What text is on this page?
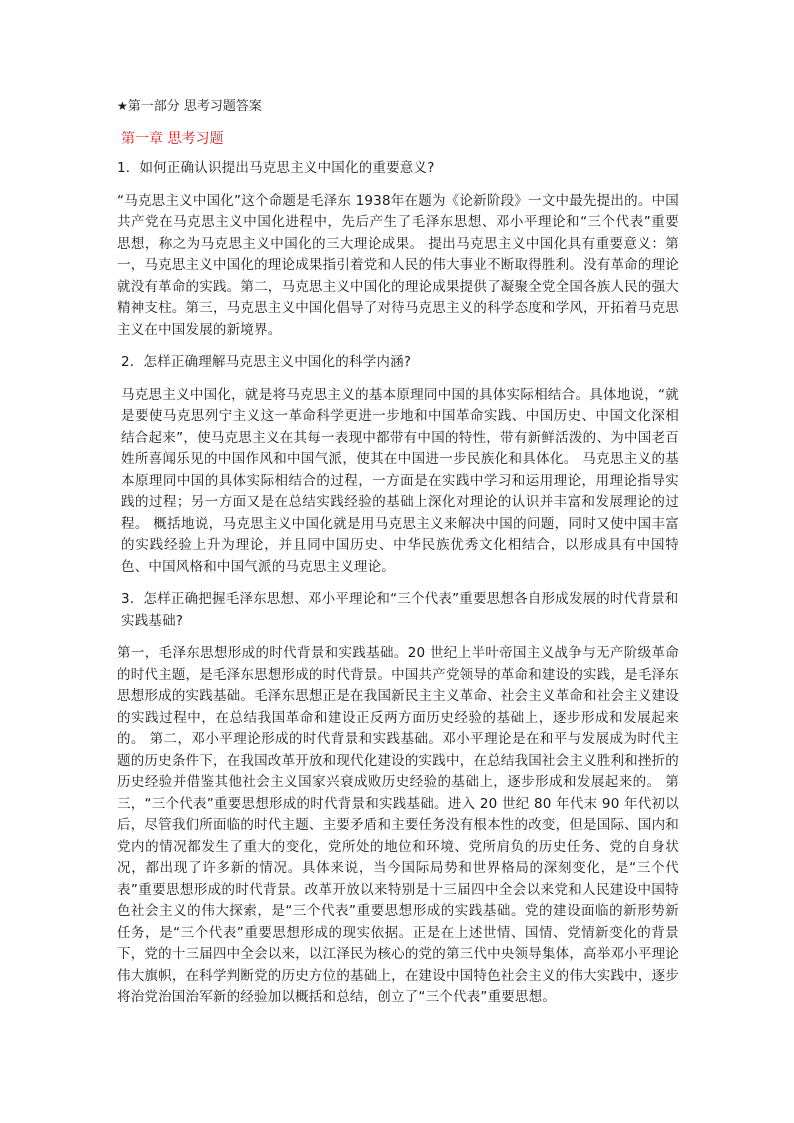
★第一部分 思考习题答案
第一章 思考习题
1．如何正确认识提出马克思主义中国化的重要意义?
“马克思主义中国化”这个命题是毛泽东 1938年在题为《论新阶段》一文中最先提出的。中国共产党在马克思主义中国化进程中，先后产生了毛泽东思想、邓小平理论和“三个代表”重要思想，称之为马克思主义中国化的三大理论成果。 提出马克思主义中国化具有重要意义：第一，马克思主义中国化的理论成果指引着党和人民的伟大事业不断取得胜利。没有革命的理论就没有革命的实践。第二，马克思主义中国化的理论成果提供了凝聚全党全国各族人民的强大精神支柱。第三，马克思主义中国化倡导了对待马克思主义的科学态度和学风，开拓着马克思主义在中国发展的新境界。
2．怎样正确理解马克思主义中国化的科学内涵?
马克思主义中国化，就是将马克思主义的基本原理同中国的具体实际相结合。具体地说，“就是要使马克思列宁主义这一革命科学更进一步地和中国革命实践、中国历史、中国文化深相结合起来”，使马克思主义在其每一表现中都带有中国的特性，带有新鲜活泼的、为中国老百姓所喜闻乐见的中国作风和中国气派，使其在中国进一步民族化和具体化。 马克思主义的基本原理同中国的具体实际相结合的过程，一方面是在实践中学习和运用理论，用理论指导实践的过程；另一方面又是在总结实践经验的基础上深化对理论的认识并丰富和发展理论的过程。 概括地说，马克思主义中国化就是用马克思主义来解决中国的问题，同时又使中国丰富的实践经验上升为理论，并且同中国历史、中华民族优秀文化相结合，以形成具有中国特色、中国风格和中国气派的马克思主义理论。
3．怎样正确把握毛泽东思想、邓小平理论和“三个代表”重要思想各自形成发展的时代背景和实践基础?
第一，毛泽东思想形成的时代背景和实践基础。20 世纪上半叶帝国主义战争与无产阶级革命的时代主题，是毛泽东思想形成的时代背景。中国共产党领导的革命和建设的实践，是毛泽东思想形成的实践基础。毛泽东思想正是在我国新民主主义革命、社会主义革命和社会主义建设的实践过程中，在总结我国革命和建设正反两方面历史经验的基础上，逐步形成和发展起来的。 第二，邓小平理论形成的时代背景和实践基础。邓小平理论是在和平与发展成为时代主题的历史条件下，在我国改革开放和现代化建设的实践中，在总结我国社会主义胜利和挫折的历史经验并借鉴其他社会主义国家兴衰成败历史经验的基础上，逐步形成和发展起来的。 第三，“三个代表”重要思想形成的时代背景和实践基础。进入 20 世纪 80 年代末 90 年代初以后，尽管我们所面临的时代主题、主要矛盾和主要任务没有根本性的改变，但是国际、国内和党内的情况都发生了重大的变化，党所处的地位和环境、党所肩负的历史任务、党的自身状况，都出现了许多新的情况。具体来说，当今国际局势和世界格局的深刻变化，是“三个代表”重要思想形成的时代背景。改革开放以来特别是十三届四中全会以来党和人民建设中国特色社会主义的伟大探索，是“三个代表”重要思想形成的实践基础。党的建设面临的新形势新任务，是“三个代表”重要思想形成的现实依据。正是在上述世情、国情、党情新变化的背景下，党的十三届四中全会以来，以江泽民为核心的党的第三代中央领导集体，高举邓小平理论伟大旗帜，在科学判断党的历史方位的基础上，在建设中国特色社会主义的伟大实践中，逐步将治党治国治军新的经验加以概括和总结，创立了“三个代表”重要思想。
